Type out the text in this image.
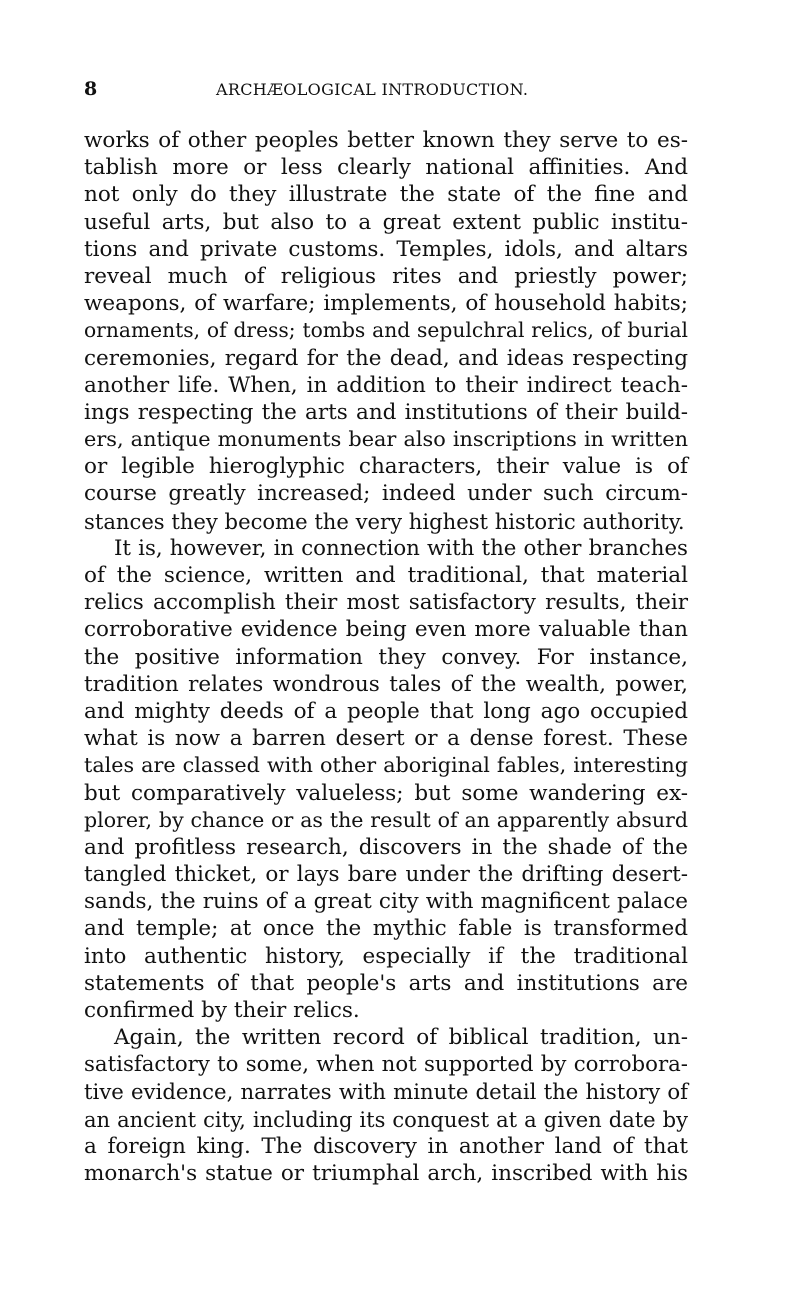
8	ARCHÆOLOGICAL INTRODUCTION.
works of other peoples better known they serve to es-
tablish more or less clearly national affinities. And
not only do they illustrate the state of the fine and
useful arts, but also to a great extent public institu-
tions and private customs. Temples, idols, and altars
reveal much of religious rites and priestly power;
weapons, of warfare; implements, of household habits;
ornaments, of dress; tombs and sepulchral relics, of burial
ceremonies, regard for the dead, and ideas respecting
another life. When, in addition to their indirect teach-
ings respecting the arts and institutions of their build-
ers, antique monuments bear also inscriptions in written
or legible hieroglyphic characters, their value is of
course greatly increased; indeed under such circum-
stances they become the very highest historic authority.
It is, however, in connection with the other branches
of the science, written and traditional, that material
relics accomplish their most satisfactory results, their
corroborative evidence being even more valuable than
the positive information they convey. For instance,
tradition relates wondrous tales of the wealth, power,
and mighty deeds of a people that long ago occupied
what is now a barren desert or a dense forest. These
tales are classed with other aboriginal fables, interesting
but comparatively valueless; but some wandering ex-
plorer, by chance or as the result of an apparently absurd
and profitless research, discovers in the shade of the
tangled thicket, or lays bare under the drifting desert-
sands, the ruins of a great city with magnificent palace
and temple; at once the mythic fable is transformed
into authentic history, especially if the traditional
statements of that people's arts and institutions are
confirmed by their relics.
Again, the written record of biblical tradition, un-
satisfactory to some, when not supported by corrobora-
tive evidence, narrates with minute detail the history of
an ancient city, including its conquest at a given date by
a foreign king. The discovery in another land of that
monarch's statue or triumphal arch, inscribed with his
